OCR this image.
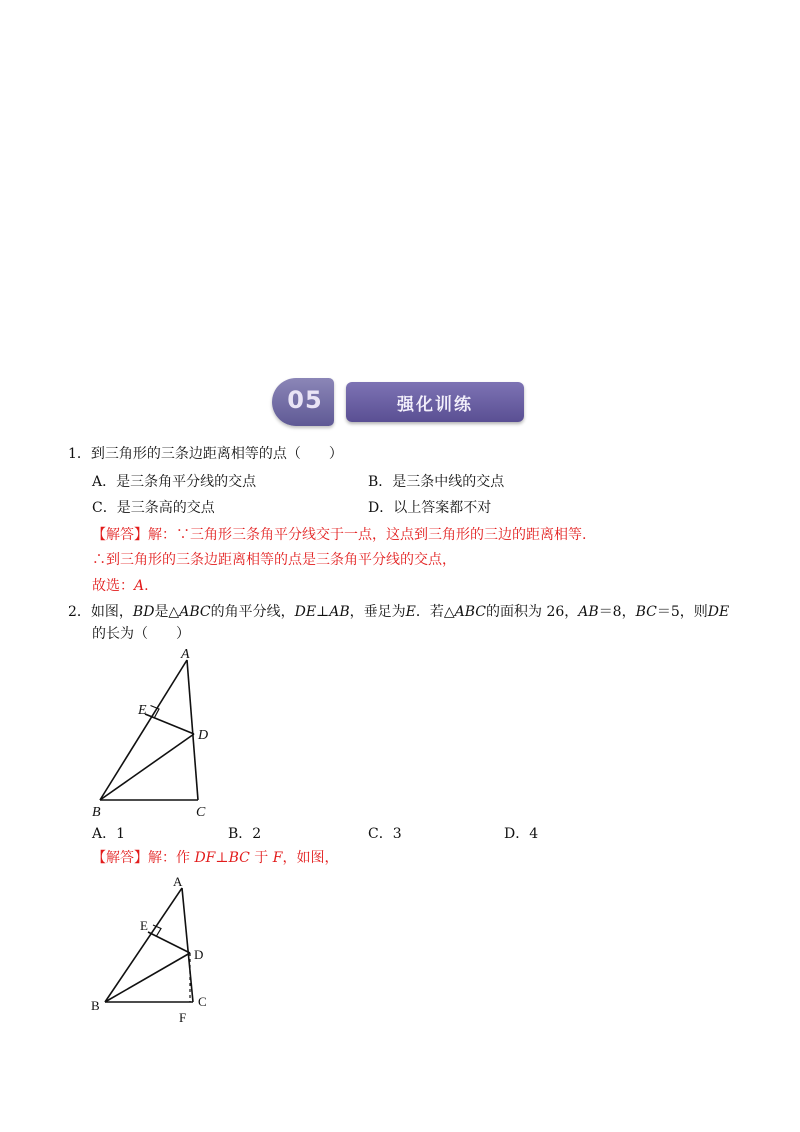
05	强化训练
1．到三角形的三条边距离相等的点（　　）
A．是三条角平分线的交点	B．是三条中线的交点
C．是三条高的交点	D．以上答案都不对
【解答】解：∵三角形三条角平分线交于一点，这点到三角形的三边的距离相等.
∴到三角形的三条边距离相等的点是三条角平分线的交点，
故选：A.
2．如图，BD是△ABC的角平分线，DE⊥AB，垂足为E．若△ABC的面积为 26，AB＝8，BC＝5，则DE
的长为（　　）
A
E
D
B	C
A．1	B．2	C．3	D．4
【解答】解：作 DF⊥BC 于 F，如图，
A
E
D
B	C
F
